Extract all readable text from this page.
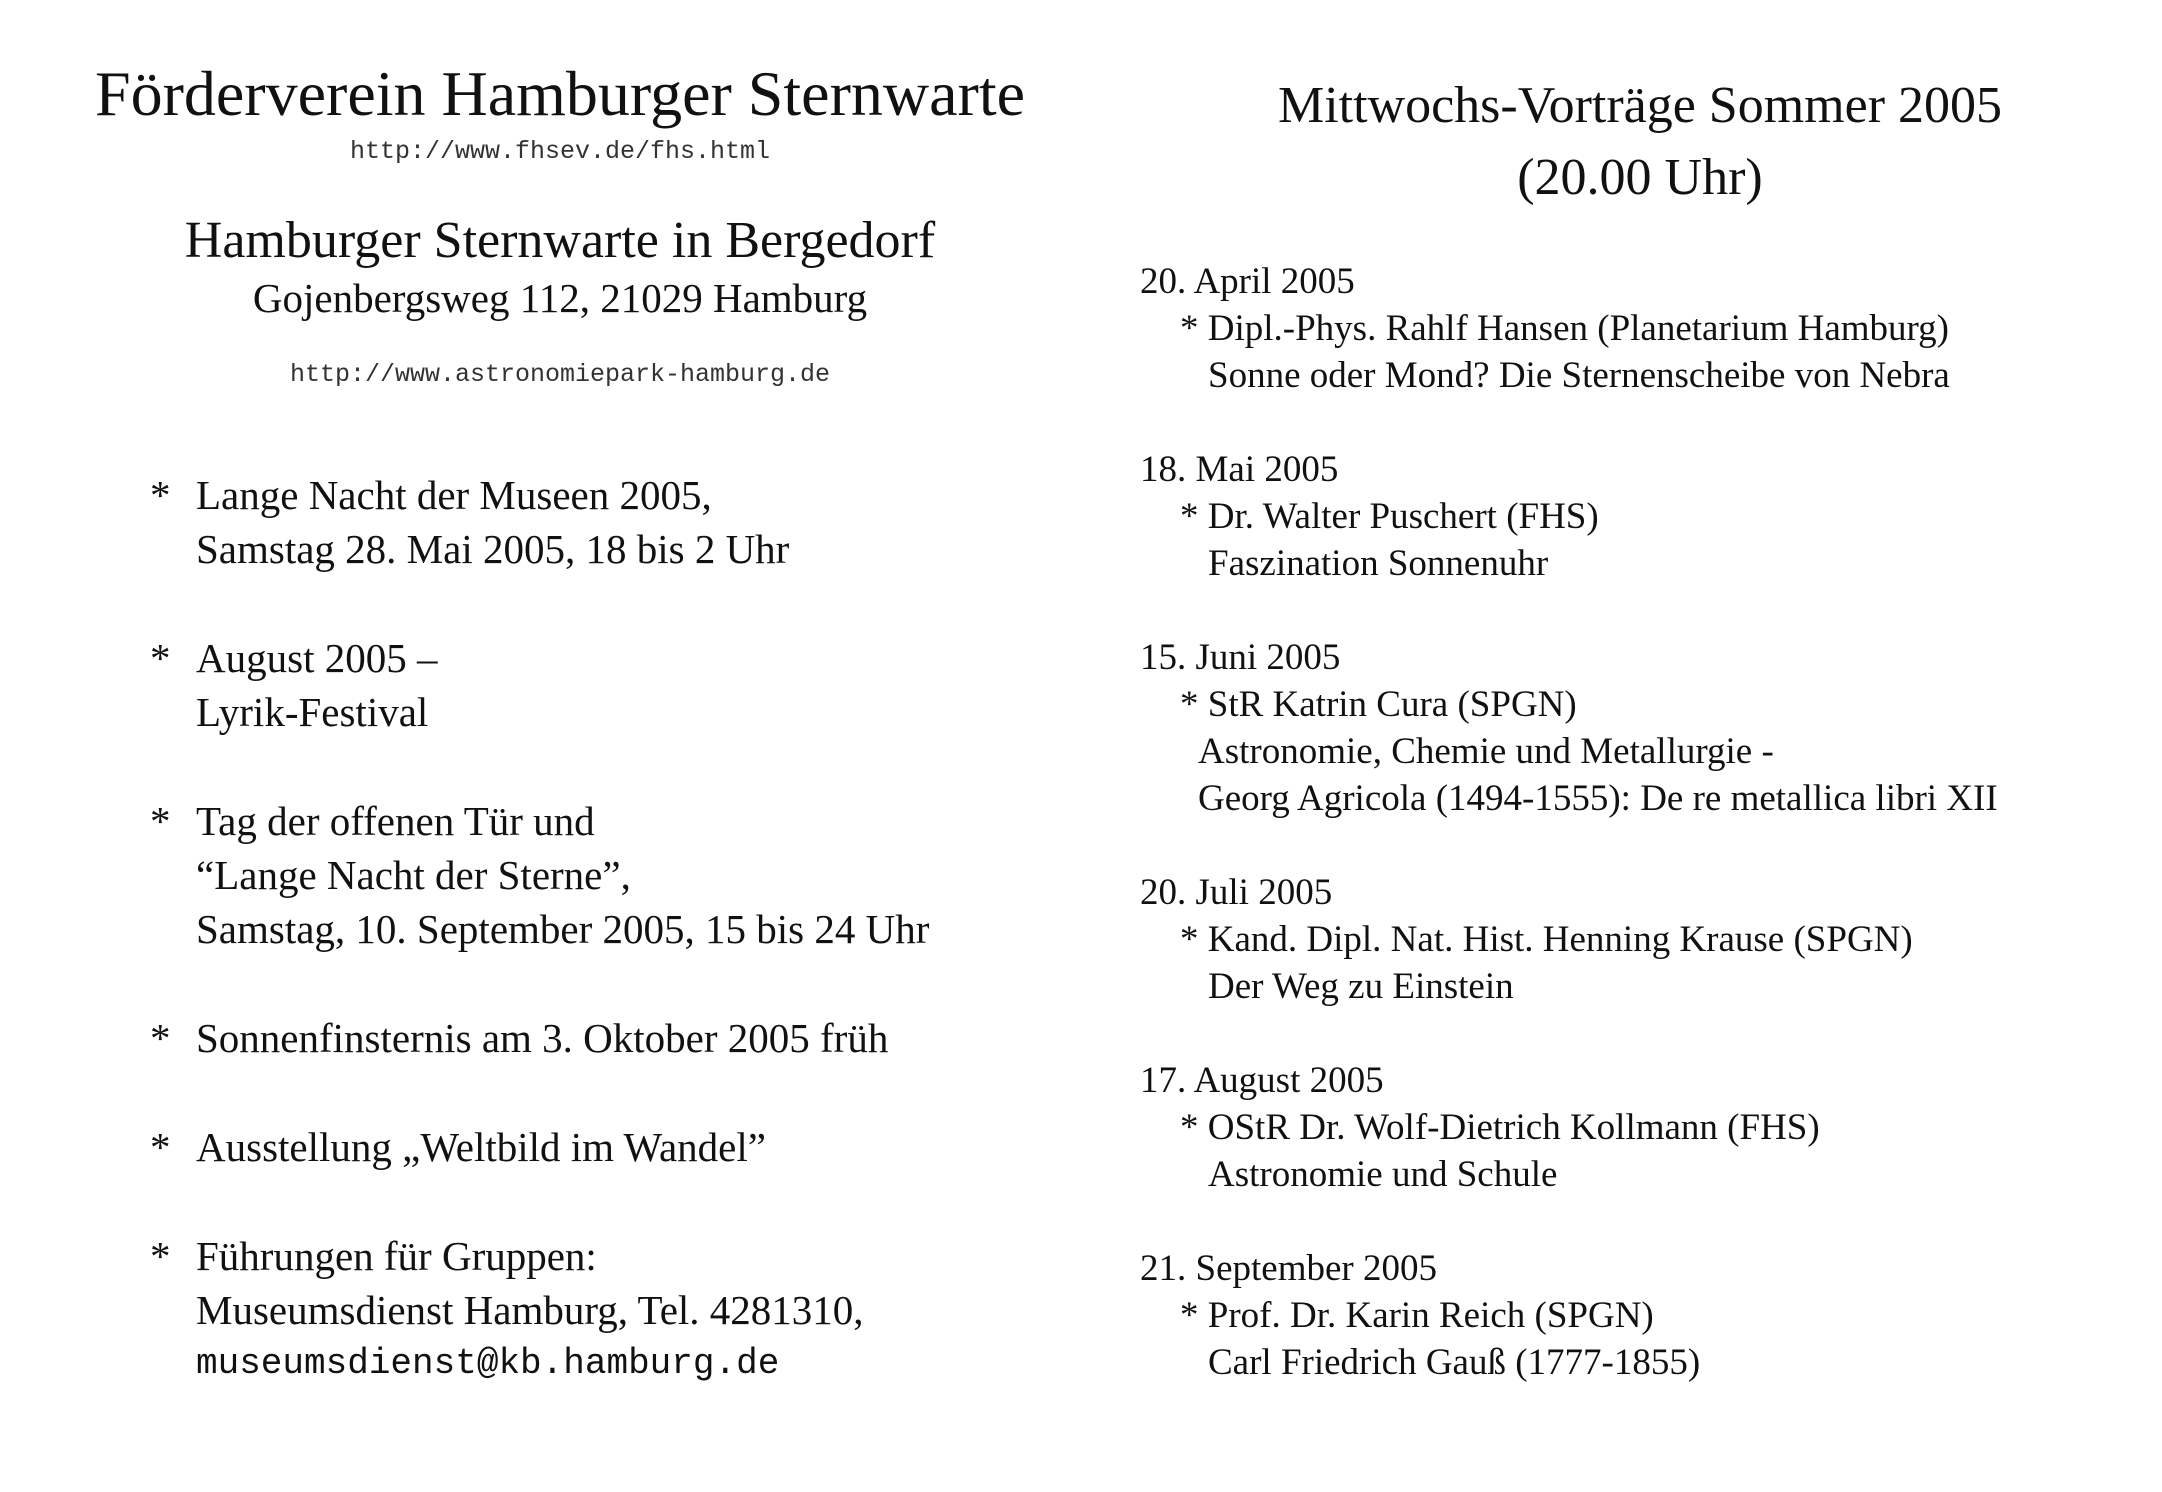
Förderverein Hamburger Sternwarte
http://www.fhsev.de/fhs.html
Hamburger Sternwarte in Bergedorf
Gojenbergsweg 112, 21029 Hamburg
http://www.astronomiepark-hamburg.de
* Lange Nacht der Museen 2005,
Samstag 28. Mai 2005, 18 bis 2 Uhr
* August 2005 –
Lyrik-Festival
* Tag der offenen Tür und
“Lange Nacht der Sterne”,
Samstag, 10. September 2005, 15 bis 24 Uhr
* Sonnenfinsternis am 3. Oktober 2005 früh
* Ausstellung „Weltbild im Wandel”
* Führungen für Gruppen:
Museumsdienst Hamburg, Tel. 4281310,
museumsdienst@kb.hamburg.de
Mittwochs-Vorträge Sommer 2005
(20.00 Uhr)
20. April 2005
* Dipl.-Phys. Rahlf Hansen (Planetarium Hamburg)
Sonne oder Mond? Die Sternenscheibe von Nebra
18. Mai 2005
* Dr. Walter Puschert (FHS)
Faszination Sonnenuhr
15. Juni 2005
* StR Katrin Cura (SPGN)
Astronomie, Chemie und Metallurgie -
Georg Agricola (1494-1555): De re metallica libri XII
20. Juli 2005
* Kand. Dipl. Nat. Hist. Henning Krause (SPGN)
Der Weg zu Einstein
17. August 2005
* OStR Dr. Wolf-Dietrich Kollmann (FHS)
Astronomie und Schule
21. September 2005
* Prof. Dr. Karin Reich (SPGN)
Carl Friedrich Gauß (1777-1855)
